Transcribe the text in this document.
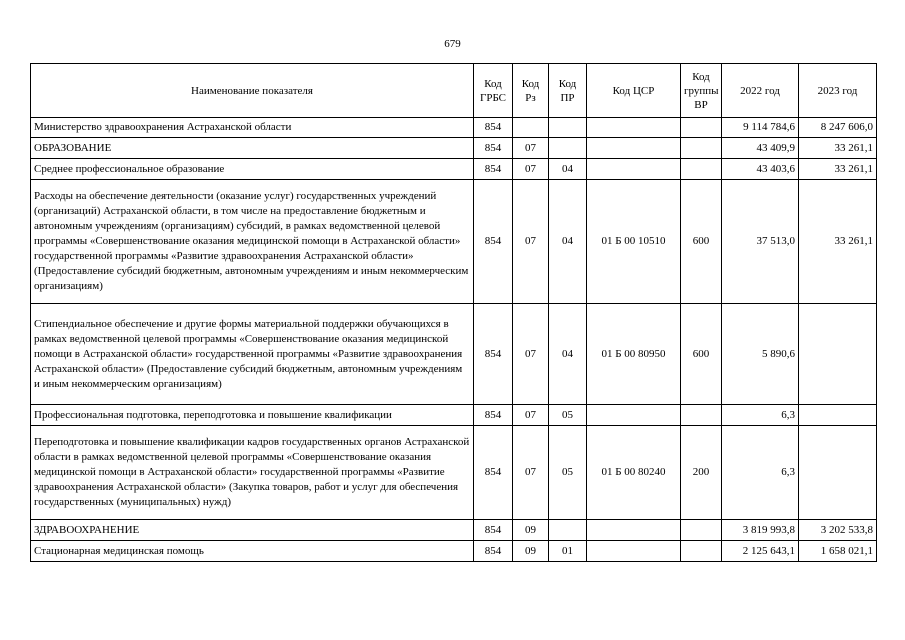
679
Наименование показателя	Код ГРБС	Код Рз	Код ПР	Код ЦСР	Код группы ВР	2022 год	2023 год
Министерство здравоохранения Астраханской области	854					9 114 784,6	8 247 606,0
ОБРАЗОВАНИЕ	854	07				43 409,9	33 261,1
Среднее профессиональное образование	854	07	04			43 403,6	33 261,1
Расходы на обеспечение деятельности (оказание услуг) государственных учреждений (организаций) Астраханской области, в том числе на предоставление бюджетным и автономным учреждениям (организациям) субсидий, в рамках ведомственной целевой программы «Совершенствование оказания медицинской помощи в Астраханской области» государственной программы «Развитие здравоохранения Астраханской области» (Предоставление субсидий бюджетным, автономным учреждениям и иным некоммерческим организациям)	854	07	04	01 Б 00 10510	600	37 513,0	33 261,1
Стипендиальное обеспечение и другие формы материальной поддержки обучающихся в рамках ведомственной целевой программы «Совершенствование оказания медицинской помощи в Астраханской области» государственной программы «Развитие здравоохранения Астраханской области» (Предоставление субсидий бюджетным, автономным учреждениям и иным некоммерческим организациям)	854	07	04	01 Б 00 80950	600	5 890,6	
Профессиональная подготовка, переподготовка и повышение квалификации	854	07	05			6,3	
Переподготовка и повышение квалификации кадров государственных органов Астраханской области в рамках ведомственной целевой программы «Совершенствование оказания медицинской помощи в Астраханской области» государственной программы «Развитие здравоохранения Астраханской области» (Закупка товаров, работ и услуг для обеспечения государственных (муниципальных) нужд)	854	07	05	01 Б 00 80240	200	6,3	
ЗДРАВООХРАНЕНИЕ	854	09				3 819 993,8	3 202 533,8
Стационарная медицинская помощь	854	09	01			2 125 643,1	1 658 021,1
